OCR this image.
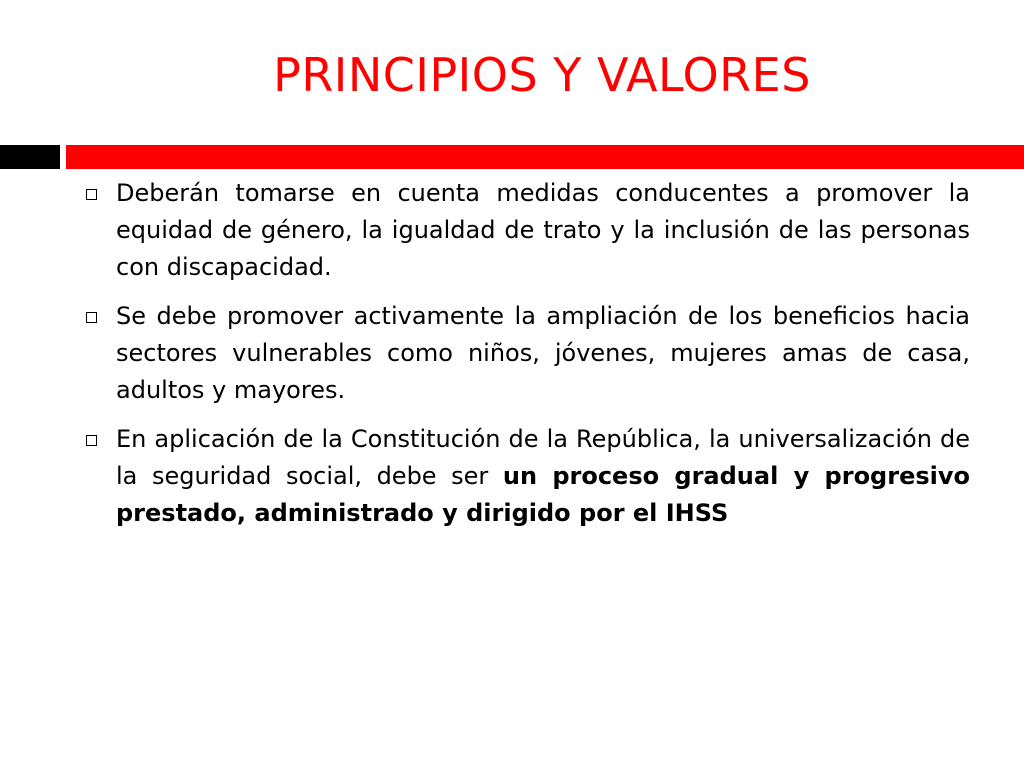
PRINCIPIOS Y VALORES
Deberán tomarse en cuenta medidas conducentes a promover la equidad de género, la igualdad de trato y la inclusión de las personas con discapacidad.
Se debe promover activamente la ampliación de los beneficios hacia sectores vulnerables como niños, jóvenes, mujeres amas de casa, adultos y mayores.
En aplicación de la Constitución de la República, la universalización de la seguridad social, debe ser un proceso gradual y progresivo prestado, administrado y dirigido por el IHSS
